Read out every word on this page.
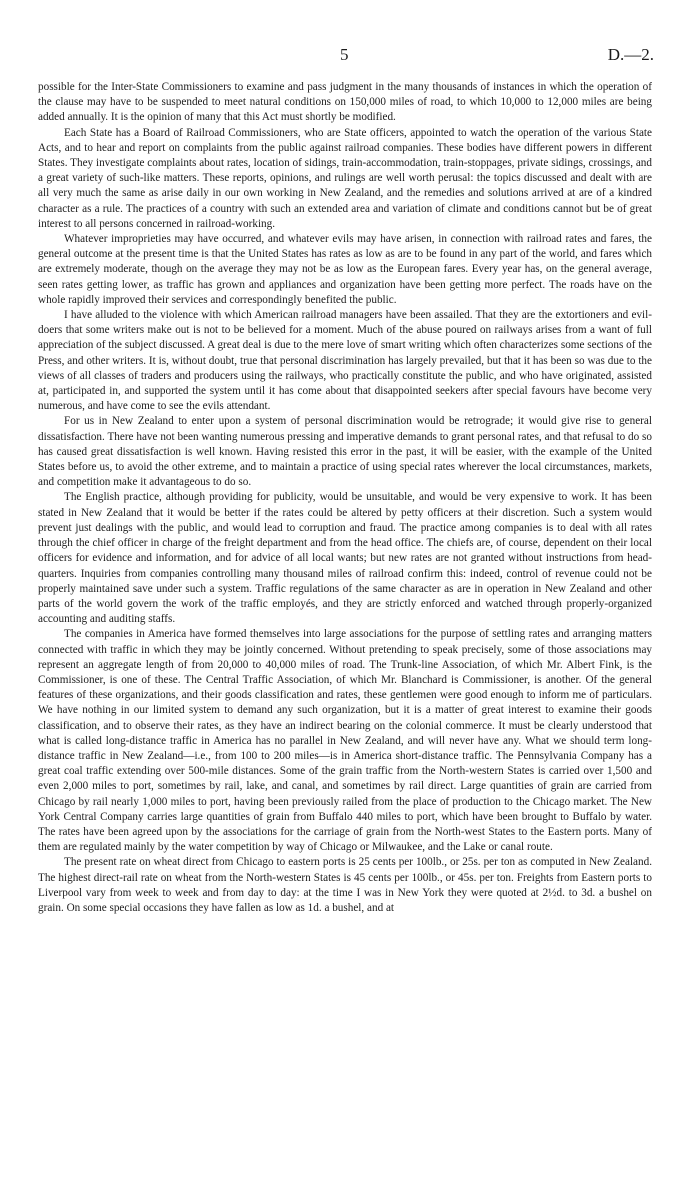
5	D.—2.

possible for the Inter-State Commissioners to examine and pass judgment in the many thousands of instances in which the operation of the clause may have to be suspended to meet natural conditions on 150,000 miles of road, to which 10,000 to 12,000 miles are being added annually. It is the opinion of many that this Act must shortly be modified.

Each State has a Board of Railroad Commissioners, who are State officers, appointed to watch the operation of the various State Acts, and to hear and report on complaints from the public against railroad companies. These bodies have different powers in different States. They investigate complaints about rates, location of sidings, train-accommodation, train-stoppages, private sidings, crossings, and a great variety of such-like matters. These reports, opinions, and rulings are well worth perusal: the topics discussed and dealt with are all very much the same as arise daily in our own working in New Zealand, and the remedies and solutions arrived at are of a kindred character as a rule. The practices of a country with such an extended area and variation of climate and conditions cannot but be of great interest to all persons concerned in railroad-working.

Whatever improprieties may have occurred, and whatever evils may have arisen, in connection with railroad rates and fares, the general outcome at the present time is that the United States has rates as low as are to be found in any part of the world, and fares which are extremely moderate, though on the average they may not be as low as the European fares. Every year has, on the general average, seen rates getting lower, as traffic has grown and appliances and organization have been getting more perfect. The roads have on the whole rapidly improved their services and correspondingly benefited the public.

I have alluded to the violence with which American railroad managers have been assailed. That they are the extortioners and evil-doers that some writers make out is not to be believed for a moment. Much of the abuse poured on railways arises from a want of full appreciation of the subject discussed. A great deal is due to the mere love of smart writing which often characterizes some sections of the Press, and other writers. It is, without doubt, true that personal discrimination has largely prevailed, but that it has been so was due to the views of all classes of traders and producers using the railways, who practically constitute the public, and who have originated, assisted at, participated in, and supported the system until it has come about that disappointed seekers after special favours have become very numerous, and have come to see the evils attendant.

For us in New Zealand to enter upon a system of personal discrimination would be retrograde; it would give rise to general dissatisfaction. There have not been wanting numerous pressing and imperative demands to grant personal rates, and that refusal to do so has caused great dissatisfaction is well known. Having resisted this error in the past, it will be easier, with the example of the United States before us, to avoid the other extreme, and to maintain a practice of using special rates wherever the local circumstances, markets, and competition make it advantageous to do so.

The English practice, although providing for publicity, would be unsuitable, and would be very expensive to work. It has been stated in New Zealand that it would be better if the rates could be altered by petty officers at their discretion. Such a system would prevent just dealings with the public, and would lead to corruption and fraud. The practice among companies is to deal with all rates through the chief officer in charge of the freight department and from the head office. The chiefs are, of course, dependent on their local officers for evidence and information, and for advice of all local wants; but new rates are not granted without instructions from head-quarters. Inquiries from companies controlling many thousand miles of railroad confirm this: indeed, control of revenue could not be properly maintained save under such a system. Traffic regulations of the same character as are in operation in New Zealand and other parts of the world govern the work of the traffic employés, and they are strictly enforced and watched through properly-organized accounting and auditing staffs.

The companies in America have formed themselves into large associations for the purpose of settling rates and arranging matters connected with traffic in which they may be jointly concerned. Without pretending to speak precisely, some of those associations may represent an aggregate length of from 20,000 to 40,000 miles of road. The Trunk-line Association, of which Mr. Albert Fink, is the Commissioner, is one of these. The Central Traffic Association, of which Mr. Blanchard is Commissioner, is another. Of the general features of these organizations, and their goods classification and rates, these gentlemen were good enough to inform me of particulars. We have nothing in our limited system to demand any such organization, but it is a matter of great interest to examine their goods classification, and to observe their rates, as they have an indirect bearing on the colonial commerce. It must be clearly understood that what is called long-distance traffic in America has no parallel in New Zealand, and will never have any. What we should term long-distance traffic in New Zealand—i.e., from 100 to 200 miles—is in America short-distance traffic. The Pennsylvania Company has a great coal traffic extending over 500-mile distances. Some of the grain traffic from the North-western States is carried over 1,500 and even 2,000 miles to port, sometimes by rail, lake, and canal, and sometimes by rail direct. Large quantities of grain are carried from Chicago by rail nearly 1,000 miles to port, having been previously railed from the place of production to the Chicago market. The New York Central Company carries large quantities of grain from Buffalo 440 miles to port, which have been brought to Buffalo by water. The rates have been agreed upon by the associations for the carriage of grain from the North-west States to the Eastern ports. Many of them are regulated mainly by the water competition by way of Chicago or Milwaukee, and the Lake or canal route.

The present rate on wheat direct from Chicago to eastern ports is 25 cents per 100lb., or 25s. per ton as computed in New Zealand. The highest direct-rail rate on wheat from the North-western States is 45 cents per 100lb., or 45s. per ton. Freights from Eastern ports to Liverpool vary from week to week and from day to day: at the time I was in New York they were quoted at 2½d. to 3d. a bushel on grain. On some special occasions they have fallen as low as 1d. a bushel, and at
